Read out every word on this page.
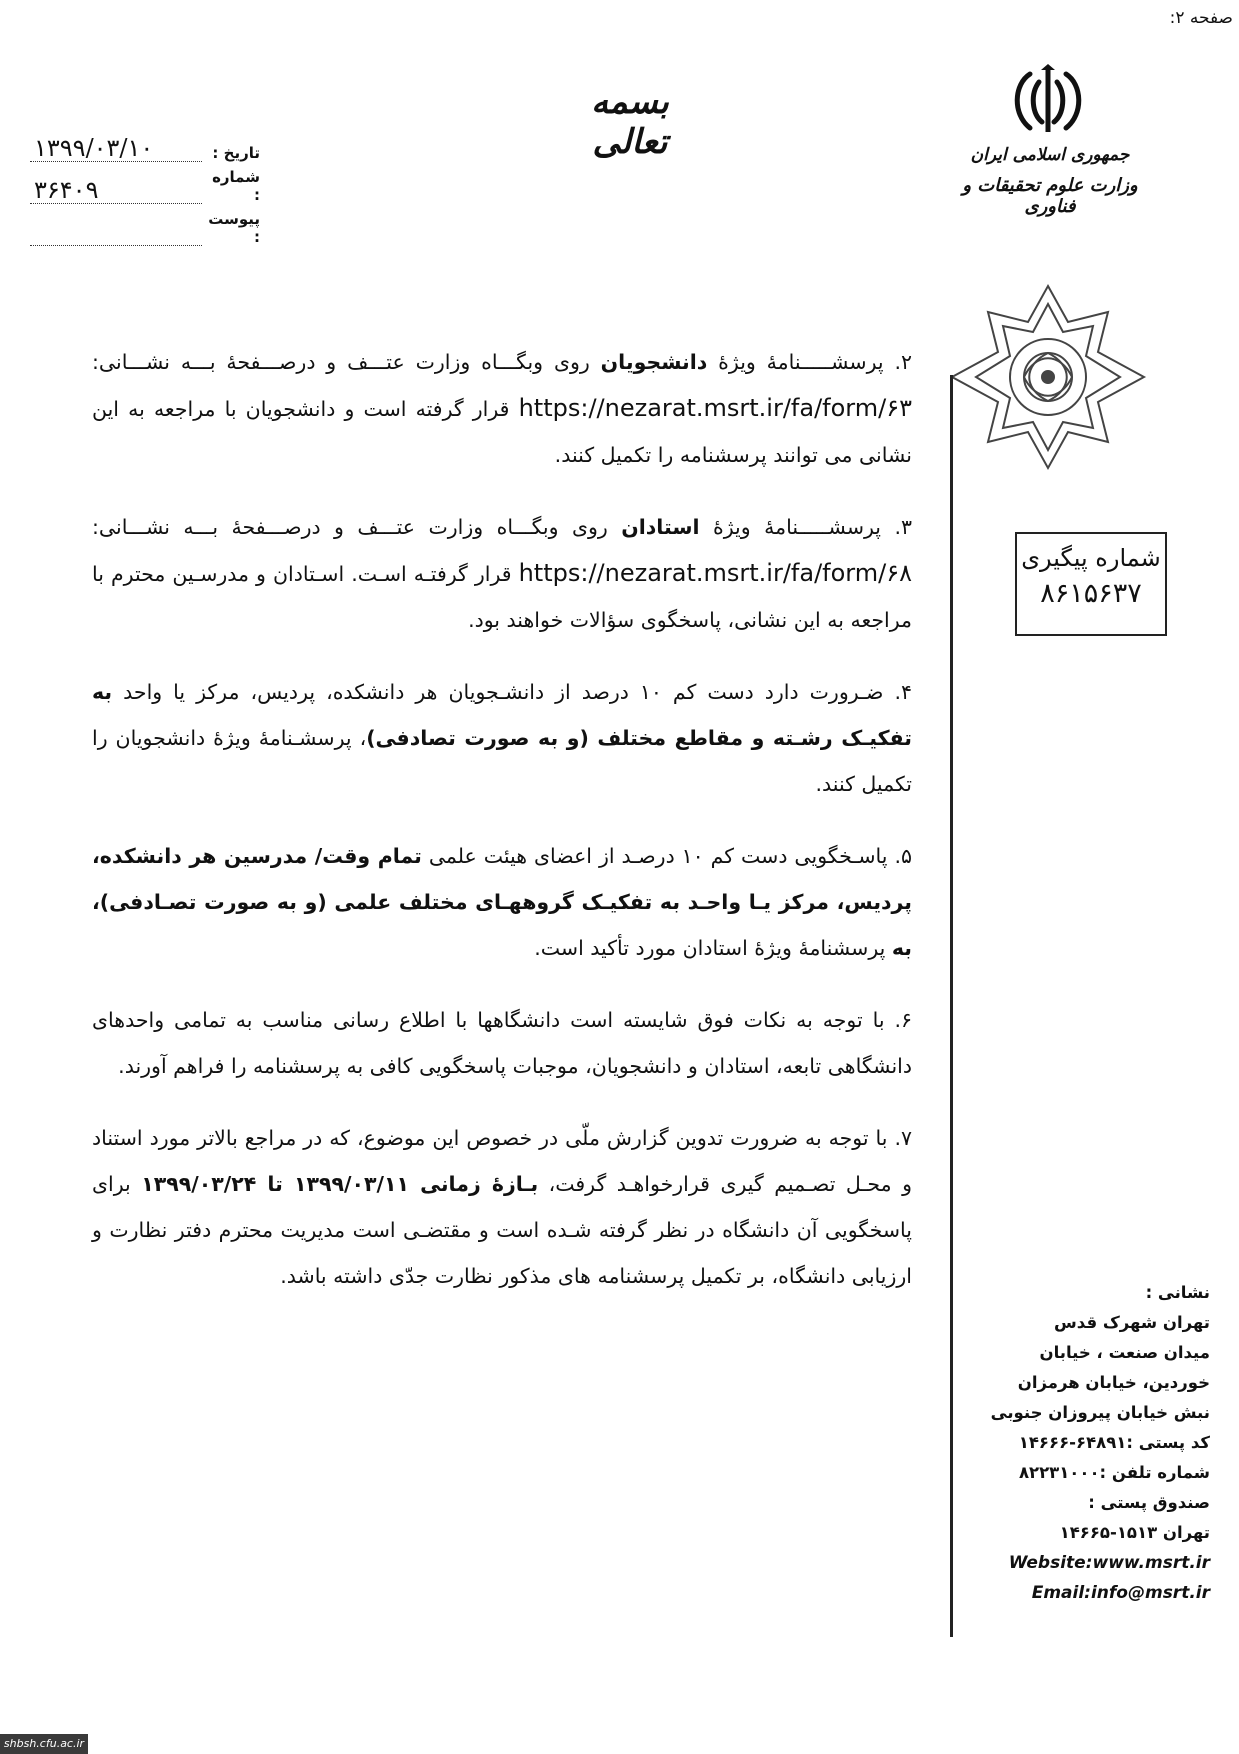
صفحه ۲:
بسمه تعالی
تاریخ :
۱۳۹۹/۰۳/۱۰
شماره :
۳۶۴۰۹
پیوست :
جمهوری اسلامی ایران
وزارت علوم تحقیقات و فناوری
شماره پیگیری
۸۶۱۵۶۳۷

۲. پرسشـــــنامهٔ ویژهٔ دانشجویان روی وبگـــاه وزارت عتـــف و درصـــفحهٔ بـــه نشـــانی: https://nezarat.msrt.ir/fa/form/۶۳ قرار گرفته است و دانشجویان با مراجعه به این نشانی می توانند پرسشنامه را تکمیل کنند.

۳. پرسشـــــنامهٔ ویژهٔ استادان روی وبگـــاه وزارت عتـــف و درصـــفحهٔ بـــه نشـــانی: https://nezarat.msrt.ir/fa/form/۶۸ قرار گرفتـه اسـت. اسـتادان و مدرسـین محترم با مراجعه به این نشانی، پاسخگوی سؤالات خواهند بود.

۴. ضـرورت دارد دست کم ۱۰ درصد از دانشـجویان هر دانشکده، پردیس، مرکز یا واحد به تفکیـک رشـته و مقاطع مختلف (و به صورت تصادفی)، پرسشـنامهٔ ویژهٔ دانشجویان را تکمیل کنند.

۵. پاسـخگویی دست کم ۱۰ درصـد از اعضای هیئت علمی تمام وقت/ مدرسین هر دانشکده، پردیس، مرکز یـا واحـد به تفکیـک گروههـای مختلف علمی (و به صورت تصـادفی)، به پرسشنامهٔ ویژهٔ استادان مورد تأکید است.

۶. با توجه به نکات فوق شایسته است دانشگاهها با اطلاع رسانی مناسب به تمامی واحدهای دانشگاهی تابعه، استادان و دانشجویان، موجبات پاسخگویی کافی به پرسشنامه را فراهم آورند.

۷. با توجه به ضرورت تدوین گزارش ملّی در خصوص این موضوع، که در مراجع بالاتر مورد استناد و محـل تصـمیم گیری قرارخواهـد گرفت، بـازهٔ زمانی ۱۳۹۹/۰۳/۱۱ تا ۱۳۹۹/۰۳/۲۴ برای پاسخگویی آن دانشگاه در نظر گرفته شـده است و مقتضـی است مدیریت محترم دفتر نظارت و ارزیابی دانشگاه، بر تکمیل پرسشنامه های مذکور نظارت جدّی داشته باشد.

نشانی :
تهران شهرک قدس
میدان صنعت ، خیابان
خوردین، خیابان هرمزان
نبش خیابان پیروزان جنوبی
کد پستی :۶۴۸۹۱-۱۴۶۶۶
شماره تلفن :۸۲۲۳۱۰۰۰
صندوق پستی :
تهران ۱۵۱۳-۱۴۶۶۵
Website:www.msrt.ir
Email:info@msrt.ir
shbsh.cfu.ac.ir
